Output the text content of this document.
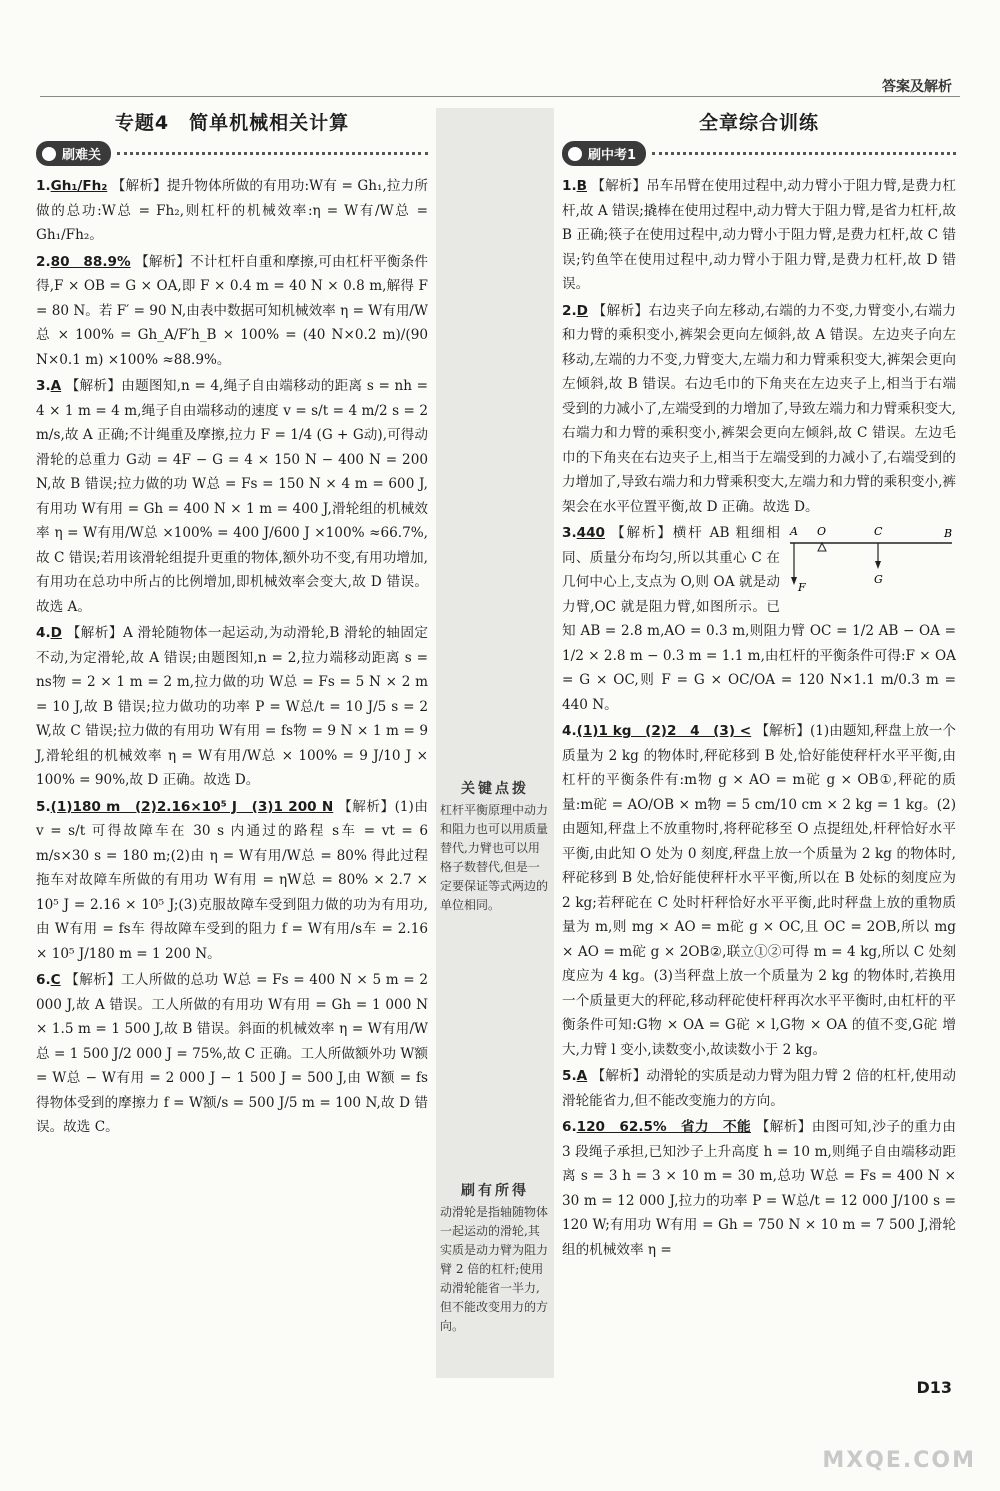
答案及解析
专题4　简单机械相关计算
刷难关
1.Gh₁/Fh₂ 【解析】提升物体所做的有用功:W有 = Gh₁,拉力所做的总功:W总 = Fh₂,则杠杆的机械效率:η = W有/W总 = Gh₁/Fh₂。
2.80　88.9% 【解析】不计杠杆自重和摩擦,可由杠杆平衡条件得,F × OB = G × OA,即 F × 0.4 m = 40 N × 0.8 m,解得 F = 80 N。若 F′ = 90 N,由表中数据可知机械效率 η = W有用/W总 × 100% = Gh_A/F′h_B × 100% = (40 N×0.2 m)/(90 N×0.1 m) ×100% ≈88.9%。
3.A 【解析】由题图知,n = 4,绳子自由端移动的距离 s = nh = 4 × 1 m = 4 m,绳子自由端移动的速度 v = s/t = 4 m/2 s = 2 m/s,故 A 正确;不计绳重及摩擦,拉力 F = 1/4 (G + G动),可得动滑轮的总重力 G动 = 4F − G = 4 × 150 N − 400 N = 200 N,故 B 错误;拉力做的功 W总 = Fs = 150 N × 4 m = 600 J,有用功 W有用 = Gh = 400 N × 1 m = 400 J,滑轮组的机械效率 η = W有用/W总 ×100% = 400 J/600 J ×100% ≈66.7%,故 C 错误;若用该滑轮组提升更重的物体,额外功不变,有用功增加,有用功在总功中所占的比例增加,即机械效率会变大,故 D 错误。故选 A。
4.D 【解析】A 滑轮随物体一起运动,为动滑轮,B 滑轮的轴固定不动,为定滑轮,故 A 错误;由题图知,n = 2,拉力端移动距离 s = ns物 = 2 × 1 m = 2 m,拉力做的功 W总 = Fs = 5 N × 2 m = 10 J,故 B 错误;拉力做功的功率 P = W总/t = 10 J/5 s = 2 W,故 C 错误;拉力做的有用功 W有用 = fs物 = 9 N × 1 m = 9 J,滑轮组的机械效率 η = W有用/W总 × 100% = 9 J/10 J × 100% = 90%,故 D 正确。故选 D。
5.(1)180 m　(2)2.16×10⁵ J　(3)1 200 N 【解析】(1)由 v = s/t 可得故障车在 30 s 内通过的路程 s车 = vt = 6 m/s×30 s = 180 m;(2)由 η = W有用/W总 = 80% 得此过程拖车对故障车所做的有用功 W有用 = ηW总 = 80% × 2.7 × 10⁵ J = 2.16 × 10⁵ J;(3)克服故障车受到阻力做的功为有用功,由 W有用 = fs车 得故障车受到的阻力 f = W有用/s车 = 2.16 × 10⁵ J/180 m = 1 200 N。
6.C 【解析】工人所做的总功 W总 = Fs = 400 N × 5 m = 2 000 J,故 A 错误。工人所做的有用功 W有用 = Gh = 1 000 N × 1.5 m = 1 500 J,故 B 错误。斜面的机械效率 η = W有用/W总 = 1 500 J/2 000 J = 75%,故 C 正确。工人所做额外功 W额 = W总 − W有用 = 2 000 J − 1 500 J = 500 J,由 W额 = fs 得物体受到的摩擦力 f = W额/s = 500 J/5 m = 100 N,故 D 错误。故选 C。
关键点拨
杠杆平衡原理中动力和阻力也可以用质量替代,力臂也可以用格子数替代,但是一定要保证等式两边的单位相同。
刷有所得
动滑轮是指轴随物体一起运动的滑轮,其实质是动力臂为阻力臂 2 倍的杠杆;使用动滑轮能省一半力,但不能改变用力的方向。
全章综合训练
刷中考1
1.B 【解析】吊车吊臂在使用过程中,动力臂小于阻力臂,是费力杠杆,故 A 错误;撬棒在使用过程中,动力臂大于阻力臂,是省力杠杆,故 B 正确;筷子在使用过程中,动力臂小于阻力臂,是费力杠杆,故 C 错误;钓鱼竿在使用过程中,动力臂小于阻力臂,是费力杠杆,故 D 错误。
2.D 【解析】右边夹子向左移动,右端的力不变,力臂变小,右端力和力臂的乘积变小,裤架会更向左倾斜,故 A 错误。左边夹子向左移动,左端的力不变,力臂变大,左端力和力臂乘积变大,裤架会更向左倾斜,故 B 错误。右边毛巾的下角夹在左边夹子上,相当于右端受到的力减小了,左端受到的力增加了,导致左端力和力臂乘积变大,右端力和力臂的乘积变小,裤架会更向左倾斜,故 C 错误。左边毛巾的下角夹在右边夹子上,相当于左端受到的力减小了,右端受到的力增加了,导致右端力和力臂乘积变大,左端力和力臂的乘积变小,裤架会在水平位置平衡,故 D 正确。故选 D。
A O	C	B
F
G
3.440 【解析】横杆 AB 粗细相同、质量分布均匀,所以其重心 C 在几何中心上,支点为 O,则 OA 就是动力臂,OC 就是阻力臂,如图所示。已知 AB = 2.8 m,AO = 0.3 m,则阻力臂 OC = 1/2 AB − OA = 1/2 × 2.8 m − 0.3 m = 1.1 m,由杠杆的平衡条件可得:F × OA = G × OC,则 F = G × OC/OA = 120 N×1.1 m/0.3 m = 440 N。
4.(1)1 kg　(2)2　4　(3) < 【解析】(1)由题知,秤盘上放一个质量为 2 kg 的物体时,秤砣移到 B 处,恰好能使秤杆水平平衡,由杠杆的平衡条件有:m物 g × AO = m砣 g × OB①,秤砣的质量:m砣 = AO/OB × m物 = 5 cm/10 cm × 2 kg = 1 kg。(2)由题知,秤盘上不放重物时,将秤砣移至 O 点提纽处,杆秤恰好水平平衡,由此知 O 处为 0 刻度,秤盘上放一个质量为 2 kg 的物体时,秤砣移到 B 处,恰好能使秤杆水平平衡,所以在 B 处标的刻度应为 2 kg;若秤砣在 C 处时杆秤恰好水平平衡,此时秤盘上放的重物质量为 m,则 mg × AO = m砣 g × OC,且 OC = 2OB,所以 mg × AO = m砣 g × 2OB②,联立①②可得 m = 4 kg,所以 C 处刻度应为 4 kg。(3)当秤盘上放一个质量为 2 kg 的物体时,若换用一个质量更大的秤砣,移动秤砣使杆秤再次水平平衡时,由杠杆的平衡条件可知:G物 × OA = G砣 × l,G物 × OA 的值不变,G砣 增大,力臂 l 变小,读数变小,故读数小于 2 kg。
5.A 【解析】动滑轮的实质是动力臂为阻力臂 2 倍的杠杆,使用动滑轮能省力,但不能改变施力的方向。
6.120　62.5%　省力　不能 【解析】由图可知,沙子的重力由 3 段绳子承担,已知沙子上升高度 h = 10 m,则绳子自由端移动距离 s = 3 h = 3 × 10 m = 30 m,总功 W总 = Fs = 400 N × 30 m = 12 000 J,拉力的功率 P = W总/t = 12 000 J/100 s = 120 W;有用功 W有用 = Gh = 750 N × 10 m = 7 500 J,滑轮组的机械效率 η =
D13
MXQE.COM
